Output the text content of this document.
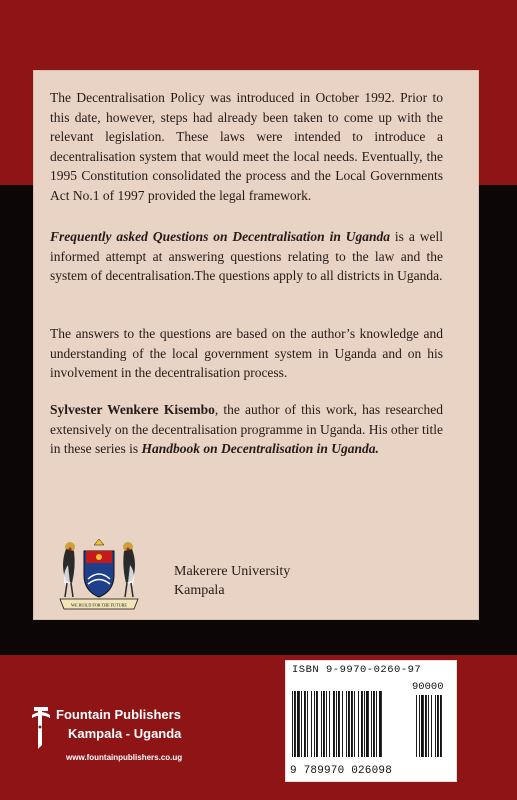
The Decentralisation Policy was introduced in October 1992. Prior to this date, however, steps had already been taken to come up with the relevant legislation. These laws were intended to introduce a decentralisation system that would meet the local needs. Eventually, the 1995 Constitution consolidated the process and the Local Governments Act No.1 of 1997 provided the legal framework.

Frequently asked Questions on Decentralisation in Uganda is a well informed attempt at answering questions relating to the law and the system of decentralisation.The questions apply to all districts in Uganda.

The answers to the questions are based on the author’s knowledge and understanding of the local government system in Uganda and on his involvement in the decentralisation process.

Sylvester Wenkere Kisembo, the author of this work, has researched extensively on the decentralisation programme in Uganda. His other title in these series is Handbook on Decentralisation in Uganda.

WE BUILD FOR THE FUTURE
Makerere University
Kampala
Fountain Publishers
Kampala - Uganda
www.fountainpublishers.co.ug
ISBN 9-9970-0260-97
90000
9 789970 026098
